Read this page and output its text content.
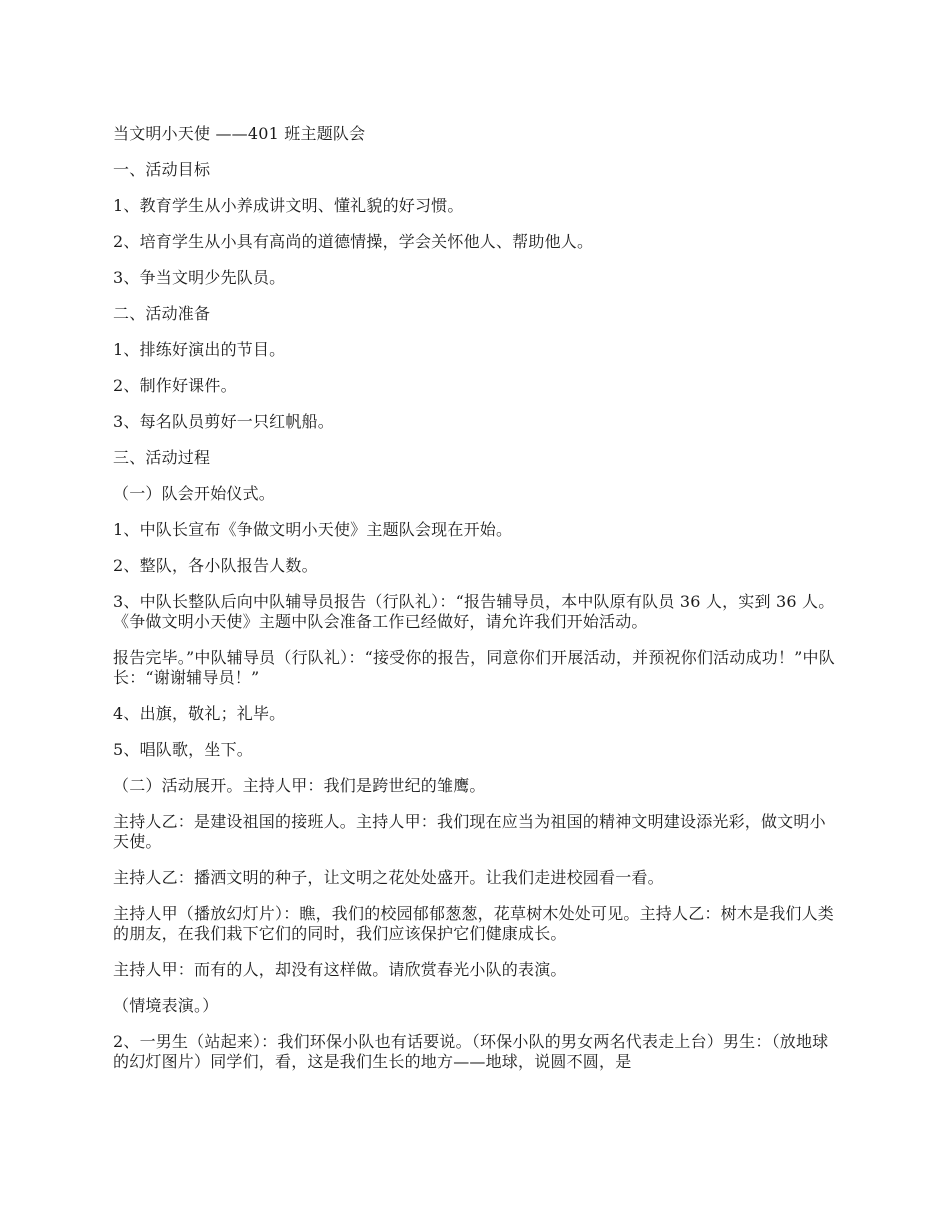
当文明小天使 ——401 班主题队会

一、活动目标

1、教育学生从小养成讲文明、懂礼貌的好习惯。

2、培育学生从小具有高尚的道德情操，学会关怀他人、帮助他人。

3、争当文明少先队员。

二、活动准备

1、排练好演出的节目。

2、制作好课件。

3、每名队员剪好一只红帆船。

三、活动过程

（一）队会开始仪式。

1、中队长宣布《争做文明小天使》主题队会现在开始。

2、整队，各小队报告人数。

3、中队长整队后向中队辅导员报告（行队礼）：“报告辅导员，本中队原有队员 36 人，实到 36 人。《争做文明小天使》主题中队会准备工作已经做好，请允许我们开始活动。

报告完毕。”中队辅导员（行队礼）：“接受你的报告，同意你们开展活动，并预祝你们活动成功！”中队长：“谢谢辅导员！”

4、出旗，敬礼；礼毕。

5、唱队歌，坐下。

（二）活动展开。主持人甲：我们是跨世纪的雏鹰。

主持人乙：是建设祖国的接班人。主持人甲：我们现在应当为祖国的精神文明建设添光彩，做文明小天使。

主持人乙：播洒文明的种子，让文明之花处处盛开。让我们走进校园看一看。

主持人甲（播放幻灯片）：瞧，我们的校园郁郁葱葱，花草树木处处可见。主持人乙：树木是我们人类的朋友，在我们栽下它们的同时，我们应该保护它们健康成长。

主持人甲：而有的人，却没有这样做。请欣赏春光小队的表演。

（情境表演。）

2、一男生（站起来）：我们环保小队也有话要说。（环保小队的男女两名代表走上台）男生：（放地球的幻灯图片）同学们，看，这是我们生长的地方——地球，说圆不圆，是
